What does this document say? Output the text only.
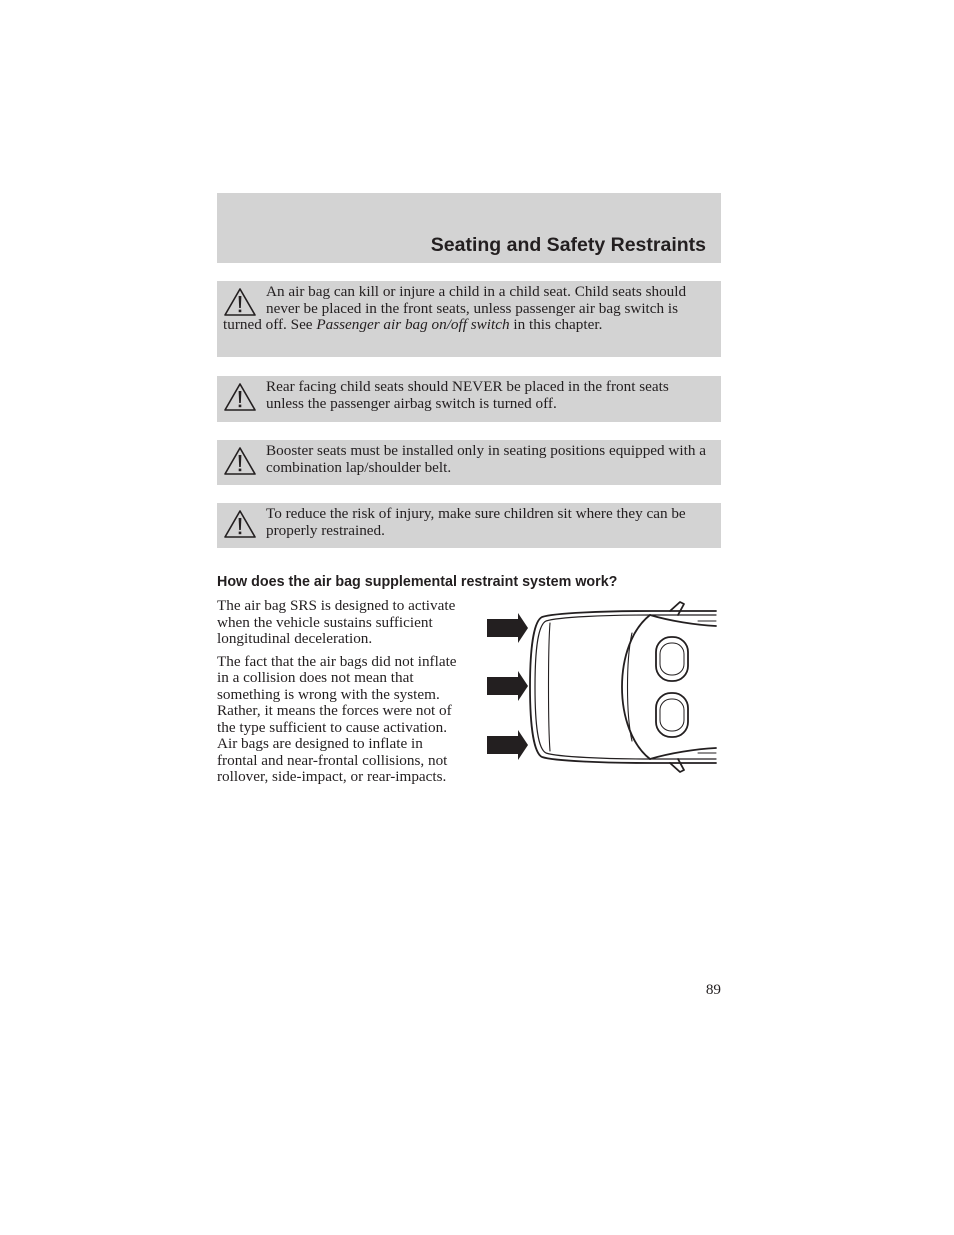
Seating and Safety Restraints

An air bag can kill or injure a child in a child seat. Child seats should never be placed in the front seats, unless passenger air bag switch is turned off. See Passenger air bag on/off switch in this chapter.

Rear facing child seats should NEVER be placed in the front seats unless the passenger airbag switch is turned off.

Booster seats must be installed only in seating positions equipped with a combination lap/shoulder belt.

To reduce the risk of injury, make sure children sit where they can be properly restrained.

How does the air bag supplemental restraint system work?

The air bag SRS is designed to activate when the vehicle sustains sufficient longitudinal deceleration.

The fact that the air bags did not inflate in a collision does not mean that something is wrong with the system. Rather, it means the forces were not of the type sufficient to cause activation. Air bags are designed to inflate in frontal and near-frontal collisions, not rollover, side-impact, or rear-impacts.

89
